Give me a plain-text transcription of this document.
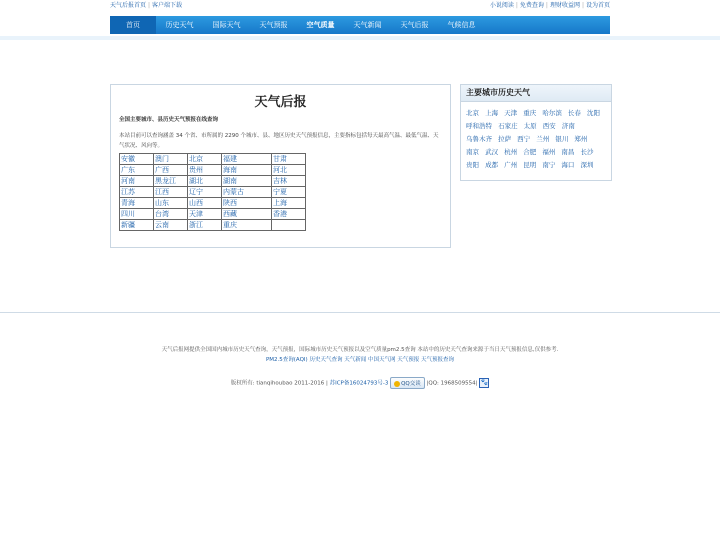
天气后报首页 | 客户端下载	小说阅读 | 免费查询 | 理财收益网 | 设为首页
首页	历史天气	国际天气	天气预报	空气质量	天气新闻	天气后报	气候信息
天气后报
全国主要城市、县历史天气预报在线查询
本站目前可以查询涵盖 34 个省、市所属的 2290 个城市、县、地区历史天气预报信息，主要指标包括每天最高气温、最低气温、天气状况、风向等。
安徽	澳门	北京	福建	甘肃
广东	广西	贵州	海南	河北
河南	黑龙江	湖北	湖南	吉林
江苏	江西	辽宁	内蒙古	宁夏
青海	山东	山西	陕西	上海
四川	台湾	天津	西藏	香港
新疆	云南	浙江	重庆	
主要城市历史天气
北京 上海 天津 重庆 哈尔滨 长春 沈阳 呼和浩特 石家庄 太原 西安 济南 乌鲁木齐 拉萨 西宁 兰州 银川 郑州 南京 武汉 杭州 合肥 福州 南昌 长沙 贵阳 成都 广州 昆明 南宁 海口 深圳
天气后报网提供全国国内城市历史天气查询，天气预报，国际城市历史天气预报以及空气质量pm2.5查询 本站中的历史天气查询来源于当日天气预报信息,仅供参考.
PM2.5查询(AQI) 历史天气查询 天气新闻 中国天气网 天气预报 天气预报查询
版权所有: tianqihoubao 2011-2016 | 苏ICP备16024793号-3 QQ交谈 |QQ: 1968509554| 🐾
